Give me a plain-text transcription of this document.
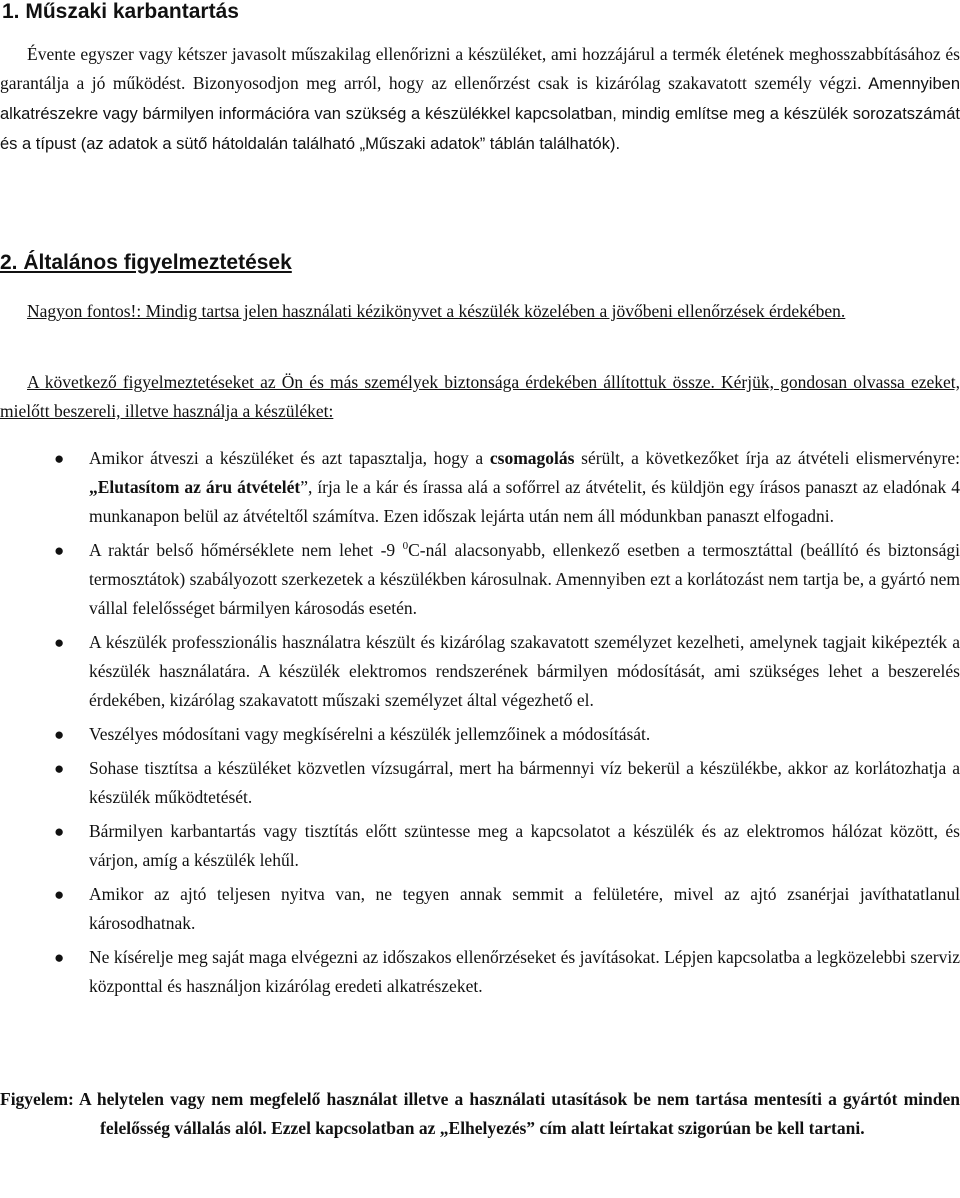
1. Műszaki karbantartás

Évente egyszer vagy kétszer javasolt műszakilag ellenőrizni a készüléket, ami hozzájárul a termék életének meghosszabbításához és garantálja a jó működést. Bizonyosodjon meg arról, hogy az ellenőrzést csak is kizárólag szakavatott személy végzi. Amennyiben alkatrészekre vagy bármilyen információra van szükség a készülékkel kapcsolatban, mindig említse meg a készülék sorozatszámát és a típust (az adatok a sütő hátoldalán található „Műszaki adatok” táblán találhatók).

2. Általános figyelmeztetések

Nagyon fontos!: Mindig tartsa jelen használati kézikönyvet a készülék közelében a jövőbeni ellenőrzések érdekében.

A következő figyelmeztetéseket az Ön és más személyek biztonsága érdekében állítottuk össze. Kérjük, gondosan olvassa ezeket, mielőtt beszereli, illetve használja a készüléket:

● Amikor átveszi a készüléket és azt tapasztalja, hogy a csomagolás sérült, a következőket írja az átvételi elismervényre: „Elutasítom az áru átvételét”, írja le a kár és írassa alá a sofőrrel az átvételit, és küldjön egy írásos panaszt az eladónak 4 munkanapon belül az átvételtől számítva. Ezen időszak lejárta után nem áll módunkban panaszt elfogadni.
● A raktár belső hőmérséklete nem lehet -9 $^0$C-nál alacsonyabb, ellenkező esetben a termosztáttal (beállító és biztonsági termosztátok) szabályozott szerkezetek a készülékben károsulnak. Amennyiben ezt a korlátozást nem tartja be, a gyártó nem vállal felelősséget bármilyen károsodás esetén.
● A készülék professzionális használatra készült és kizárólag szakavatott személyzet kezelheti, amelynek tagjait kiképezték a készülék használatára. A készülék elektromos rendszerének bármilyen módosítását, ami szükséges lehet a beszerelés érdekében, kizárólag szakavatott műszaki személyzet által végezhető el.
● Veszélyes módosítani vagy megkísérelni a készülék jellemzőinek a módosítását.
● Sohase tisztítsa a készüléket közvetlen vízsugárral, mert ha bármennyi víz bekerül a készülékbe, akkor az korlátozhatja a készülék működtetését.
● Bármilyen karbantartás vagy tisztítás előtt szüntesse meg a kapcsolatot a készülék és az elektromos hálózat között, és várjon, amíg a készülék lehűl.
● Amikor az ajtó teljesen nyitva van, ne tegyen annak semmit a felületére, mivel az ajtó zsanérjai javíthatatlanul károsodhatnak.
● Ne kísérelje meg saját maga elvégezni az időszakos ellenőrzéseket és javításokat. Lépjen kapcsolatba a legközelebbi szerviz központtal és használjon kizárólag eredeti alkatrészeket.
Figyelem: A helytelen vagy nem megfelelő használat illetve a használati utasítások be nem tartása mentesíti a gyártót minden felelősség vállalás alól. Ezzel kapcsolatban az „Elhelyezés” cím alatt leírtakat szigorúan be kell tartani.
